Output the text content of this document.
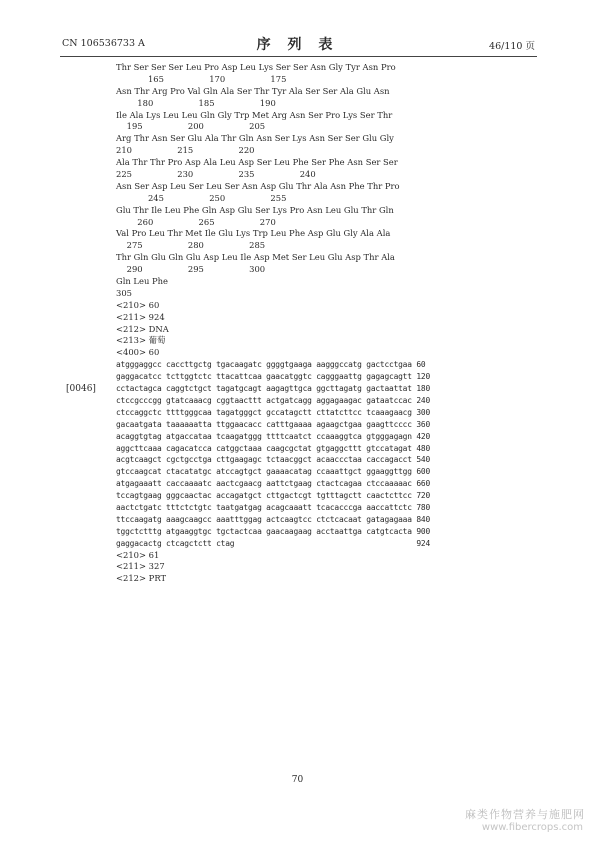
CN 106536733 A	序 列 表	46/110 页
Thr Ser Ser Ser Leu Pro Asp Leu Lys Ser Ser Asn Gly Tyr Asn Pro
165                 170                 175
Asn Thr Arg Pro Val Gln Ala Ser Thr Tyr Ala Ser Ser Ala Glu Asn
180                 185                 190
Ile Ala Lys Leu Leu Gln Gly Trp Met Arg Asn Ser Pro Lys Ser Thr
195                 200                 205
Arg Thr Asn Ser Glu Ala Thr Gln Asn Ser Lys Asn Ser Ser Glu Gly
210                 215                 220
Ala Thr Thr Pro Asp Ala Leu Asp Ser Leu Phe Ser Phe Asn Ser Ser
225                 230                 235                 240
Asn Ser Asp Leu Ser Leu Ser Asn Asp Glu Thr Ala Asn Phe Thr Pro
245                 250                 255
Glu Thr Ile Leu Phe Gln Asp Glu Ser Lys Pro Asn Leu Glu Thr Gln
260                 265                 270
Val Pro Leu Thr Met Ile Glu Lys Trp Leu Phe Asp Glu Gly Ala Ala
275                 280                 285
Thr Gln Glu Gln Glu Asp Leu Ile Asp Met Ser Leu Glu Asp Thr Ala
290                 295                 300
Gln Leu Phe
305
<210> 60
<211> 924
<212> DNA
<213> 葡萄
<400> 60
atgggaggcc caccttgctg tgacaagatc ggggtgaaga aagggccatg gactcctgaa 60
gaggacatcc tcttggtctc ttacattcaa gaacatggtc cagggaattg gagagcagtt 120
cctactagca caggtctgct tagatgcagt aagagttgca ggcttagatg gactaattat 180
ctccgcccgg gtatcaaacg cggtaacttt actgatcagg aggagaagac gataatccac 240
ctccaggctc ttttgggcaa tagatgggct gccatagctt cttatcttcc tcaaagaacg 300
gacaatgata taaaaaatta ttggaacacc catttgaaaa agaagctgaa gaagttcccc 360
acaggtgtag atgaccataa tcaagatggg ttttcaatct ccaaaggtca gtgggagagn 420
aggcttcaaa cagacatcca catggctaaa caagcgctat gtgaggcttt gtccatagat 480
acgtcaagct cgctgcctga cttgaagagc tctaacggct acaaccctaa caccagacct 540
gtccaagcat ctacatatgc atccagtgct gaaaacatag ccaaattgct ggaaggttgg 600
atgagaaatt caccaaaatc aactcgaacg aattctgaag ctactcagaa ctccaaaaac 660
tccagtgaag gggcaactac accagatgct cttgactcgt tgtttagctt caactcttcc 720
aactctgatc tttctctgtc taatgatgag acagcaaatt tcacacccga aaccattctc 780
ttccaagatg aaagcaagcc aaatttggag actcaagtcc ctctcacaat gatagagaaa 840
tggctctttg atgaaggtgc tgctactcaa gaacaagaag acctaattga catgtcacta 900
gaggacactg ctcagctctt ctag                                        924
<210> 61
<211> 327
<212> PRT
[0046]
70
麻类作物营养与施肥网
www.fibercrops.com
